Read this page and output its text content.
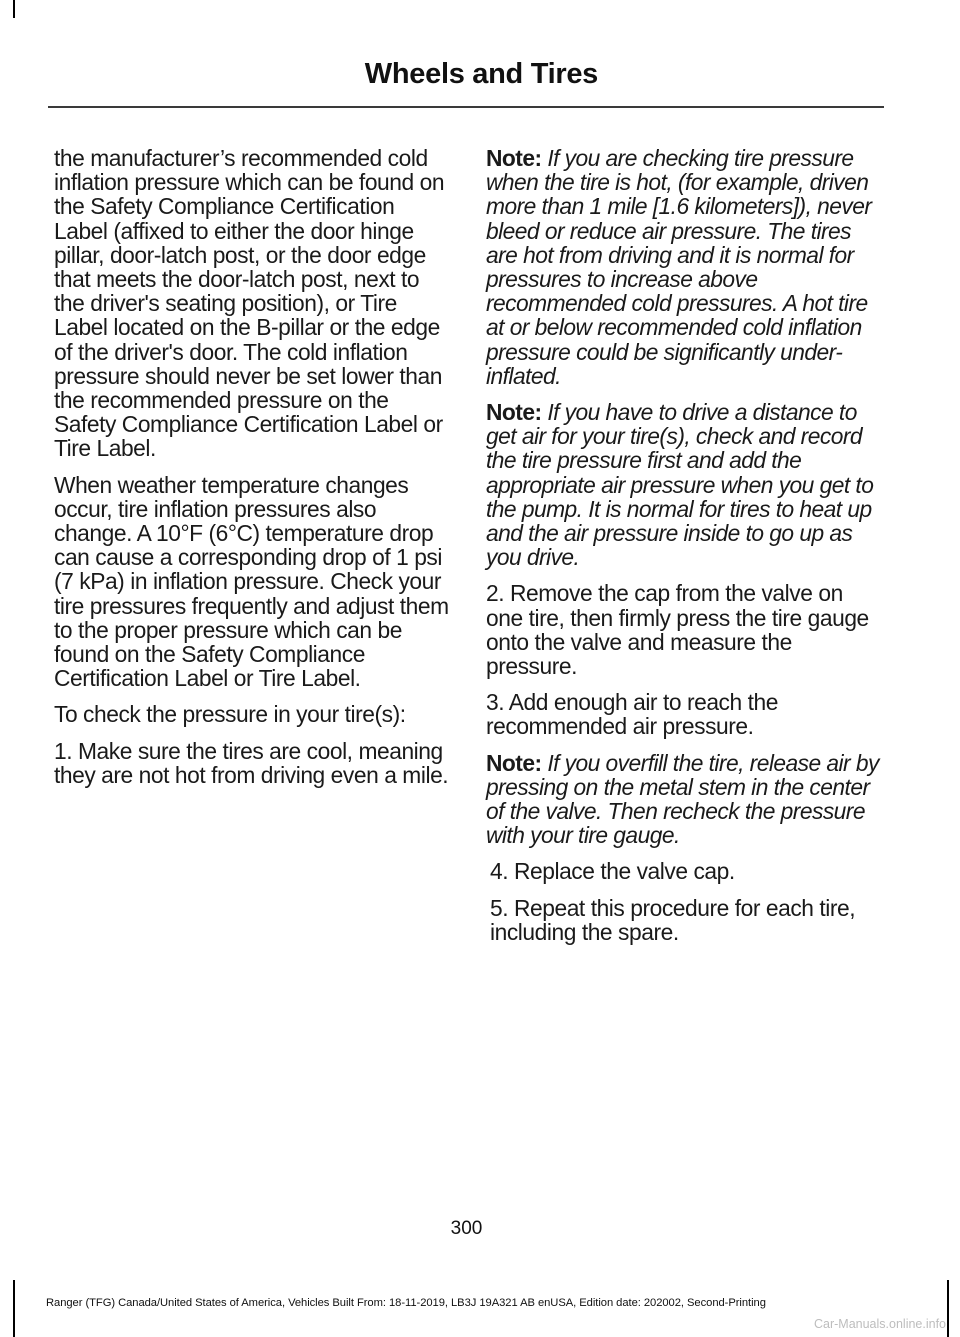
Wheels and Tires

the manufacturer’s recommended cold inflation pressure which can be found on the Safety Compliance Certification Label (affixed to either the door hinge pillar, door-latch post, or the door edge that meets the door-latch post, next to the driver's seating position), or Tire Label located on the B-pillar or the edge of the driver's door. The cold inflation pressure should never be set lower than the recommended pressure on the Safety Compliance Certification Label or Tire Label.

When weather temperature changes occur, tire inflation pressures also change. A 10°F (6°C) temperature drop can cause a corresponding drop of 1 psi (7 kPa) in inflation pressure. Check your tire pressures frequently and adjust them to the proper pressure which can be found on the Safety Compliance Certification Label or Tire Label.

To check the pressure in your tire(s):

1. Make sure the tires are cool, meaning they are not hot from driving even a mile.

Note: If you are checking tire pressure when the tire is hot, (for example, driven more than 1 mile [1.6 kilometers]), never bleed or reduce air pressure. The tires are hot from driving and it is normal for pressures to increase above recommended cold pressures. A hot tire at or below recommended cold inflation pressure could be significantly under-inflated.

Note: If you have to drive a distance to get air for your tire(s), check and record the tire pressure first and add the appropriate air pressure when you get to the pump. It is normal for tires to heat up and the air pressure inside to go up as you drive.

2. Remove the cap from the valve on one tire, then firmly press the tire gauge onto the valve and measure the pressure.

3. Add enough air to reach the recommended air pressure.

Note: If you overfill the tire, release air by pressing on the metal stem in the center of the valve. Then recheck the pressure with your tire gauge.

4. Replace the valve cap.

5. Repeat this procedure for each tire, including the spare.

300
Ranger (TFG) Canada/United States of America, Vehicles Built From: 18-11-2019, LB3J 19A321 AB enUSA, Edition date: 202002, Second-Printing
Car-Manuals.online.info
